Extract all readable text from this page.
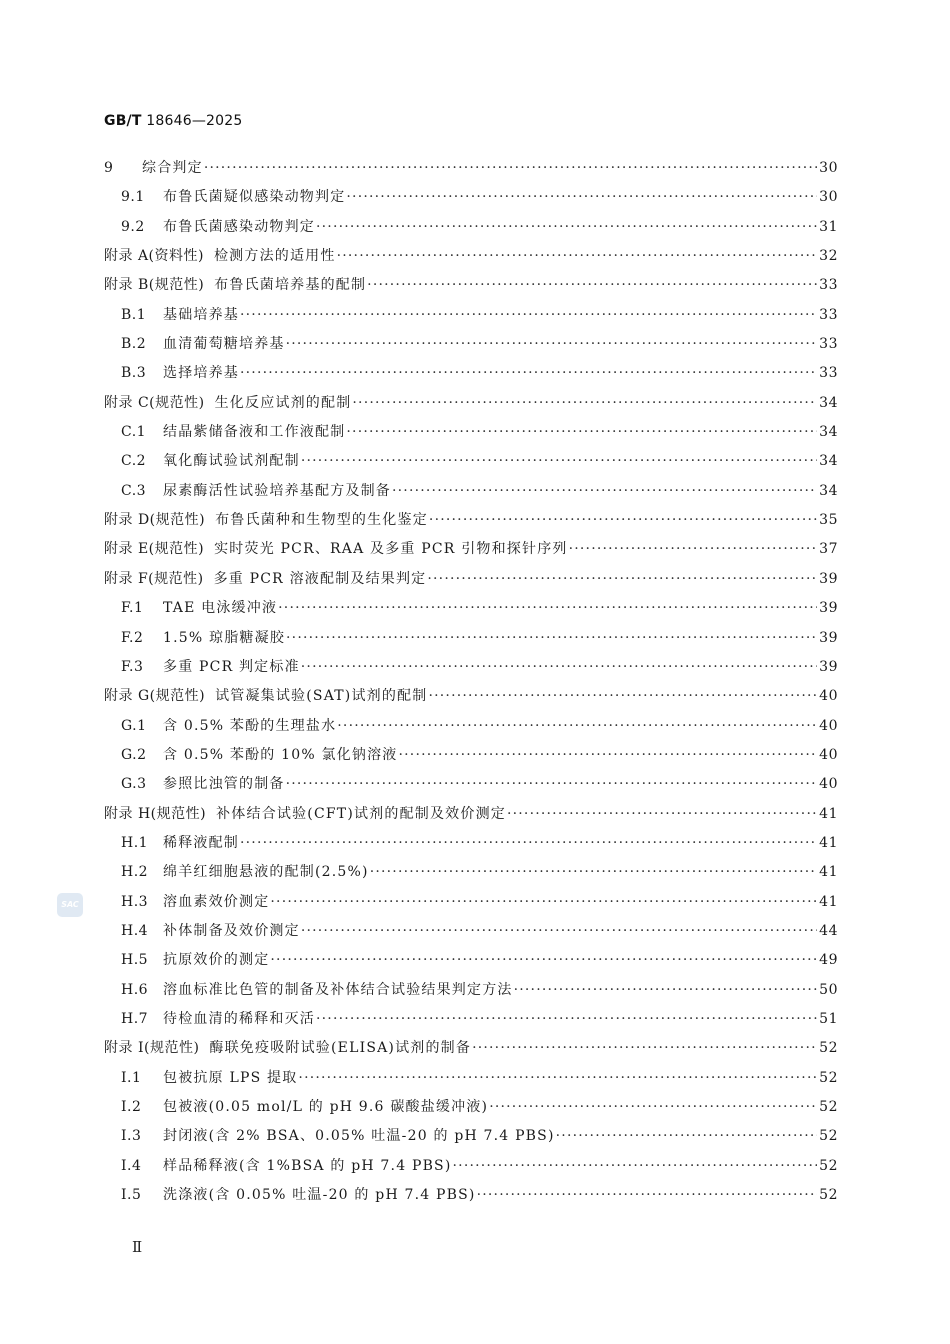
GB/T 18646—2025
9	综合判定 ·····	30
9.1	布鲁氏菌疑似感染动物判定 ·····	30
9.2	布鲁氏菌感染动物判定 ·····	31
附录 A(资料性) 检测方法的适用性 ·····	32
附录 B(规范性) 布鲁氏菌培养基的配制 ·····	33
B.1	基础培养基 ·····	33
B.2	血清葡萄糖培养基 ·····	33
B.3	选择培养基 ·····	33
附录 C(规范性) 生化反应试剂的配制 ·····	34
C.1	结晶紫储备液和工作液配制 ·····	34
C.2	氧化酶试验试剂配制 ·····	34
C.3	尿素酶活性试验培养基配方及制备 ·····	34
附录 D(规范性) 布鲁氏菌种和生物型的生化鉴定 ·····	35
附录 E(规范性) 实时荧光 PCR、RAA 及多重 PCR 引物和探针序列 ·····	37
附录 F(规范性) 多重 PCR 溶液配制及结果判定 ·····	39
F.1	TAE 电泳缓冲液 ·····	39
F.2	1.5% 琼脂糖凝胶 ·····	39
F.3	多重 PCR 判定标准 ·····	39
附录 G(规范性) 试管凝集试验(SAT)试剂的配制 ·····	40
G.1	含 0.5% 苯酚的生理盐水 ·····	40
G.2	含 0.5% 苯酚的 10% 氯化钠溶液 ·····	40
G.3	参照比浊管的制备 ·····	40
附录 H(规范性) 补体结合试验(CFT)试剂的配制及效价测定 ·····	41
H.1	稀释液配制 ·····	41
H.2	绵羊红细胞悬液的配制(2.5%) ·····	41
H.3	溶血素效价测定 ·····	41
H.4	补体制备及效价测定 ·····	44
H.5	抗原效价的测定 ·····	49
H.6	溶血标准比色管的制备及补体结合试验结果判定方法 ·····	50
H.7	待检血清的稀释和灭活 ·····	51
附录 I(规范性) 酶联免疫吸附试验(ELISA)试剂的制备 ·····	52
I.1	包被抗原 LPS 提取 ·····	52
I.2	包被液(0.05 mol/L 的 pH 9.6 碳酸盐缓冲液) ·····	52
I.3	封闭液(含 2% BSA、0.05% 吐温-20 的 pH 7.4 PBS) ·····	52
I.4	样品稀释液(含 1%BSA 的 pH 7.4 PBS) ·····	52
I.5	洗涤液(含 0.05% 吐温-20 的 pH 7.4 PBS) ·····	52
SAC
Ⅱ
